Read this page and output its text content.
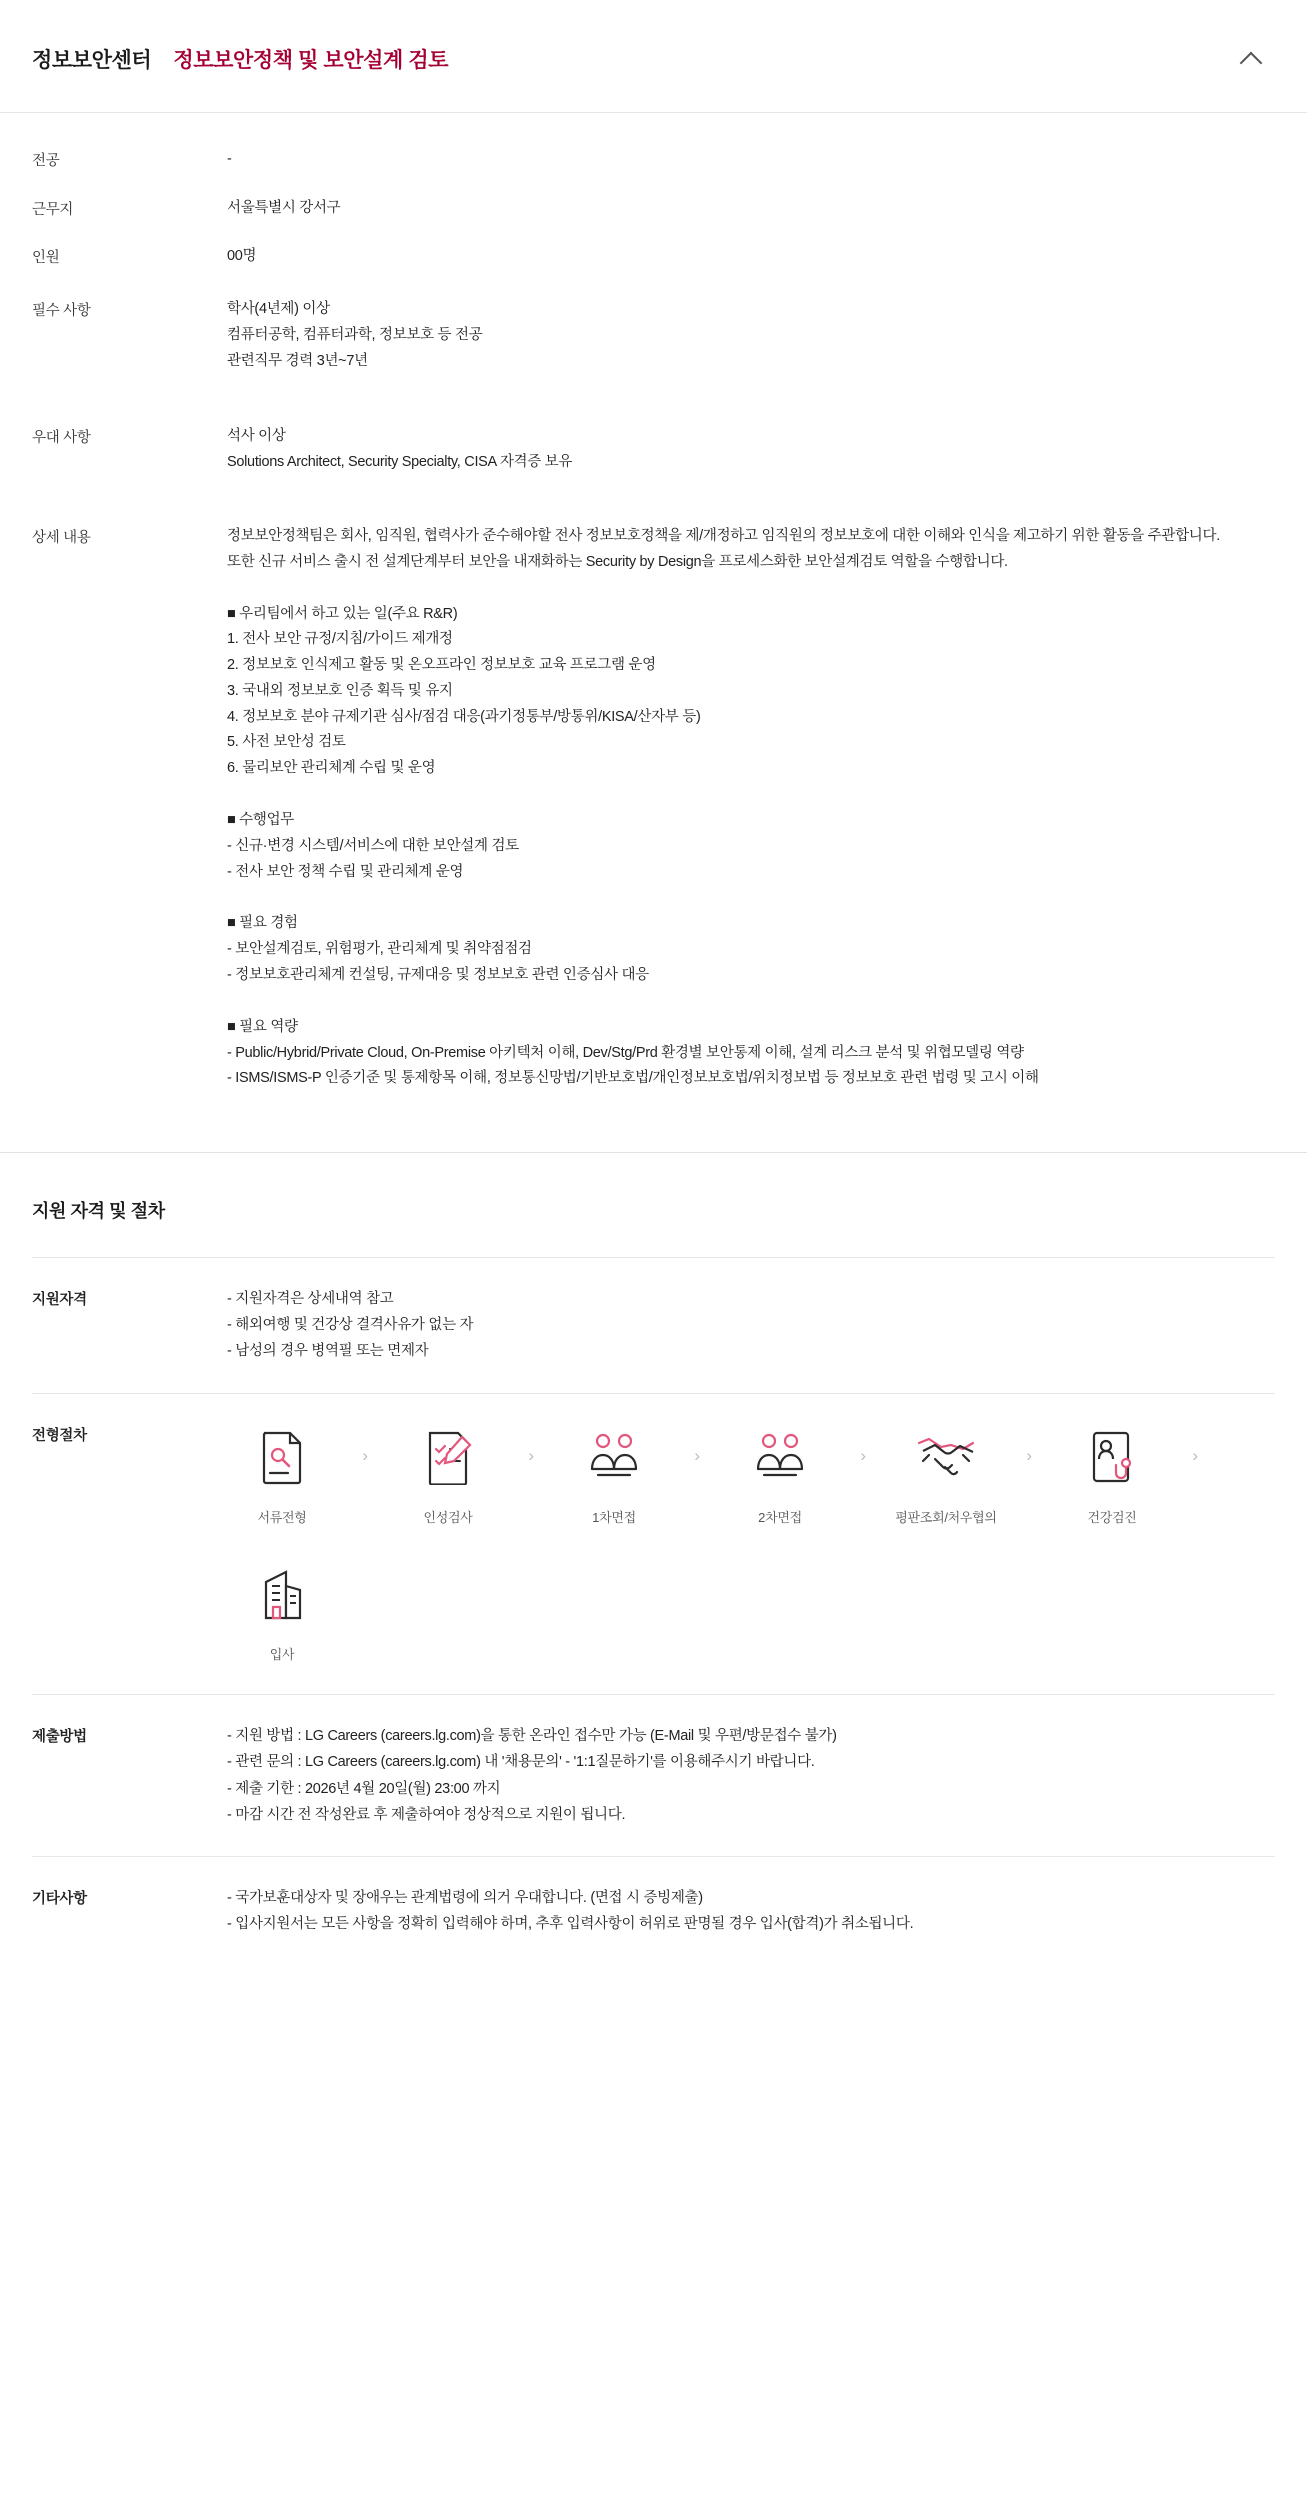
정보보안센터 정보보안정책 및 보안설계 검토
전공	-
근무지	서울특별시 강서구
인원	00명
필수 사항	학사(4년제) 이상
컴퓨터공학, 컴퓨터과학, 정보보호 등 전공
관련직무 경력 3년~7년
우대 사항	석사 이상
Solutions Architect, Security Specialty, CISA 자격증 보유
상세 내용	정보보안정책팀은 회사, 임직원, 협력사가 준수해야할 전사 정보보호정책을 제/개정하고 임직원의 정보보호에 대한 이해와 인식을 제고하기 위한 활동을 주관합니다.
또한 신규 서비스 출시 전 설계단계부터 보안을 내재화하는 Security by Design을 프로세스화한 보안설계검토 역할을 수행합니다.
■ 우리팀에서 하고 있는 일(주요 R&R)
1. 전사 보안 규정/지침/가이드 제개정
2. 정보보호 인식제고 활동 및 온오프라인 정보보호 교육 프로그램 운영
3. 국내외 정보보호 인증 획득 및 유지
4. 정보보호 분야 규제기관 심사/점검 대응(과기정통부/방통위/KISA/산자부 등)
5. 사전 보안성 검토
6. 물리보안 관리체계 수립 및 운영
■ 수행업무
- 신규·변경 시스템/서비스에 대한 보안설계 검토
- 전사 보안 정책 수립 및 관리체계 운영
■ 필요 경험
- 보안설계검토, 위험평가, 관리체계 및 취약점점검
- 정보보호관리체계 컨설팅, 규제대응 및 정보보호 관련 인증심사 대응
■ 필요 역량
- Public/Hybrid/Private Cloud, On-Premise 아키텍처 이해, Dev/Stg/Prd 환경별 보안통제 이해, 설계 리스크 분석 및 위협모델링 역량
- ISMS/ISMS-P 인증기준 및 통제항목 이해, 정보통신망법/기반보호법/개인정보보호법/위치정보법 등 정보보호 관련 법령 및 고시 이해
지원 자격 및 절차
지원자격	- 지원자격은 상세내역 참고
- 해외여행 및 건강상 결격사유가 없는 자
- 남성의 경우 병역필 또는 면제자
전형절차
서류전형
›
인성검사
›
1차면접
›
2차면접
›
평판조회/처우협의
›
건강검진
›
입사
제출방법	- 지원 방법 : LG Careers (careers.lg.com)을 통한 온라인 접수만 가능 (E-Mail 및 우편/방문접수 불가)
- 관련 문의 : LG Careers (careers.lg.com) 내 '채용문의' - '1:1질문하기'를 이용해주시기 바랍니다.
- 제출 기한 : 2026년 4월 20일(월) 23:00 까지
- 마감 시간 전 작성완료 후 제출하여야 정상적으로 지원이 됩니다.
기타사항	- 국가보훈대상자 및 장애우는 관계법령에 의거 우대합니다. (면접 시 증빙제출)
- 입사지원서는 모든 사항을 정확히 입력해야 하며, 추후 입력사항이 허위로 판명될 경우 입사(합격)가 취소됩니다.
